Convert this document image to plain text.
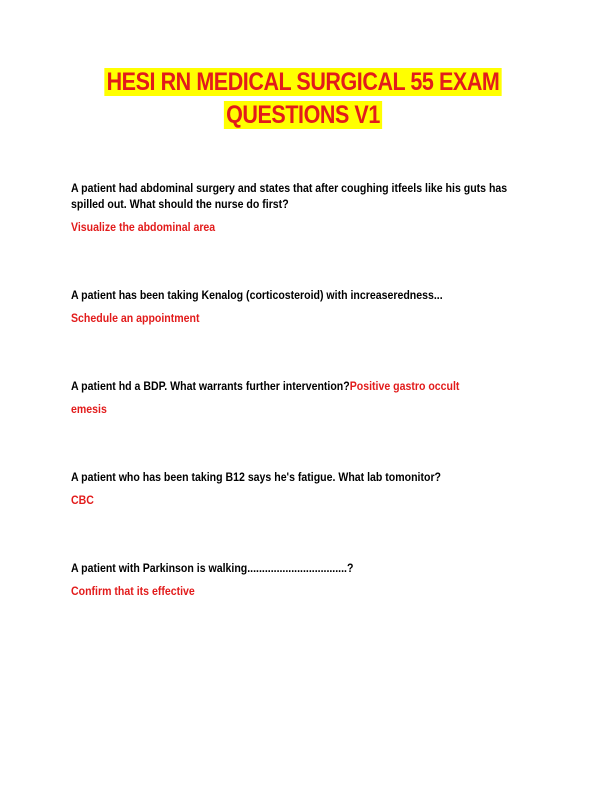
HESI RN MEDICAL SURGICAL 55 EXAM
QUESTIONS V1
A patient had abdominal surgery and states that after coughing itfeels like his guts has spilled out. What should the nurse do first?
Visualize the abdominal area
A patient has been taking Kenalog (corticosteroid) with increaseredness...
Schedule an appointment
A patient hd a BDP. What warrants further intervention?Positive gastro occult
emesis
A patient who has been taking B12 says he's fatigue. What lab tomonitor?
CBC
A patient with Parkinson is walking..................................?
Confirm that its effective
